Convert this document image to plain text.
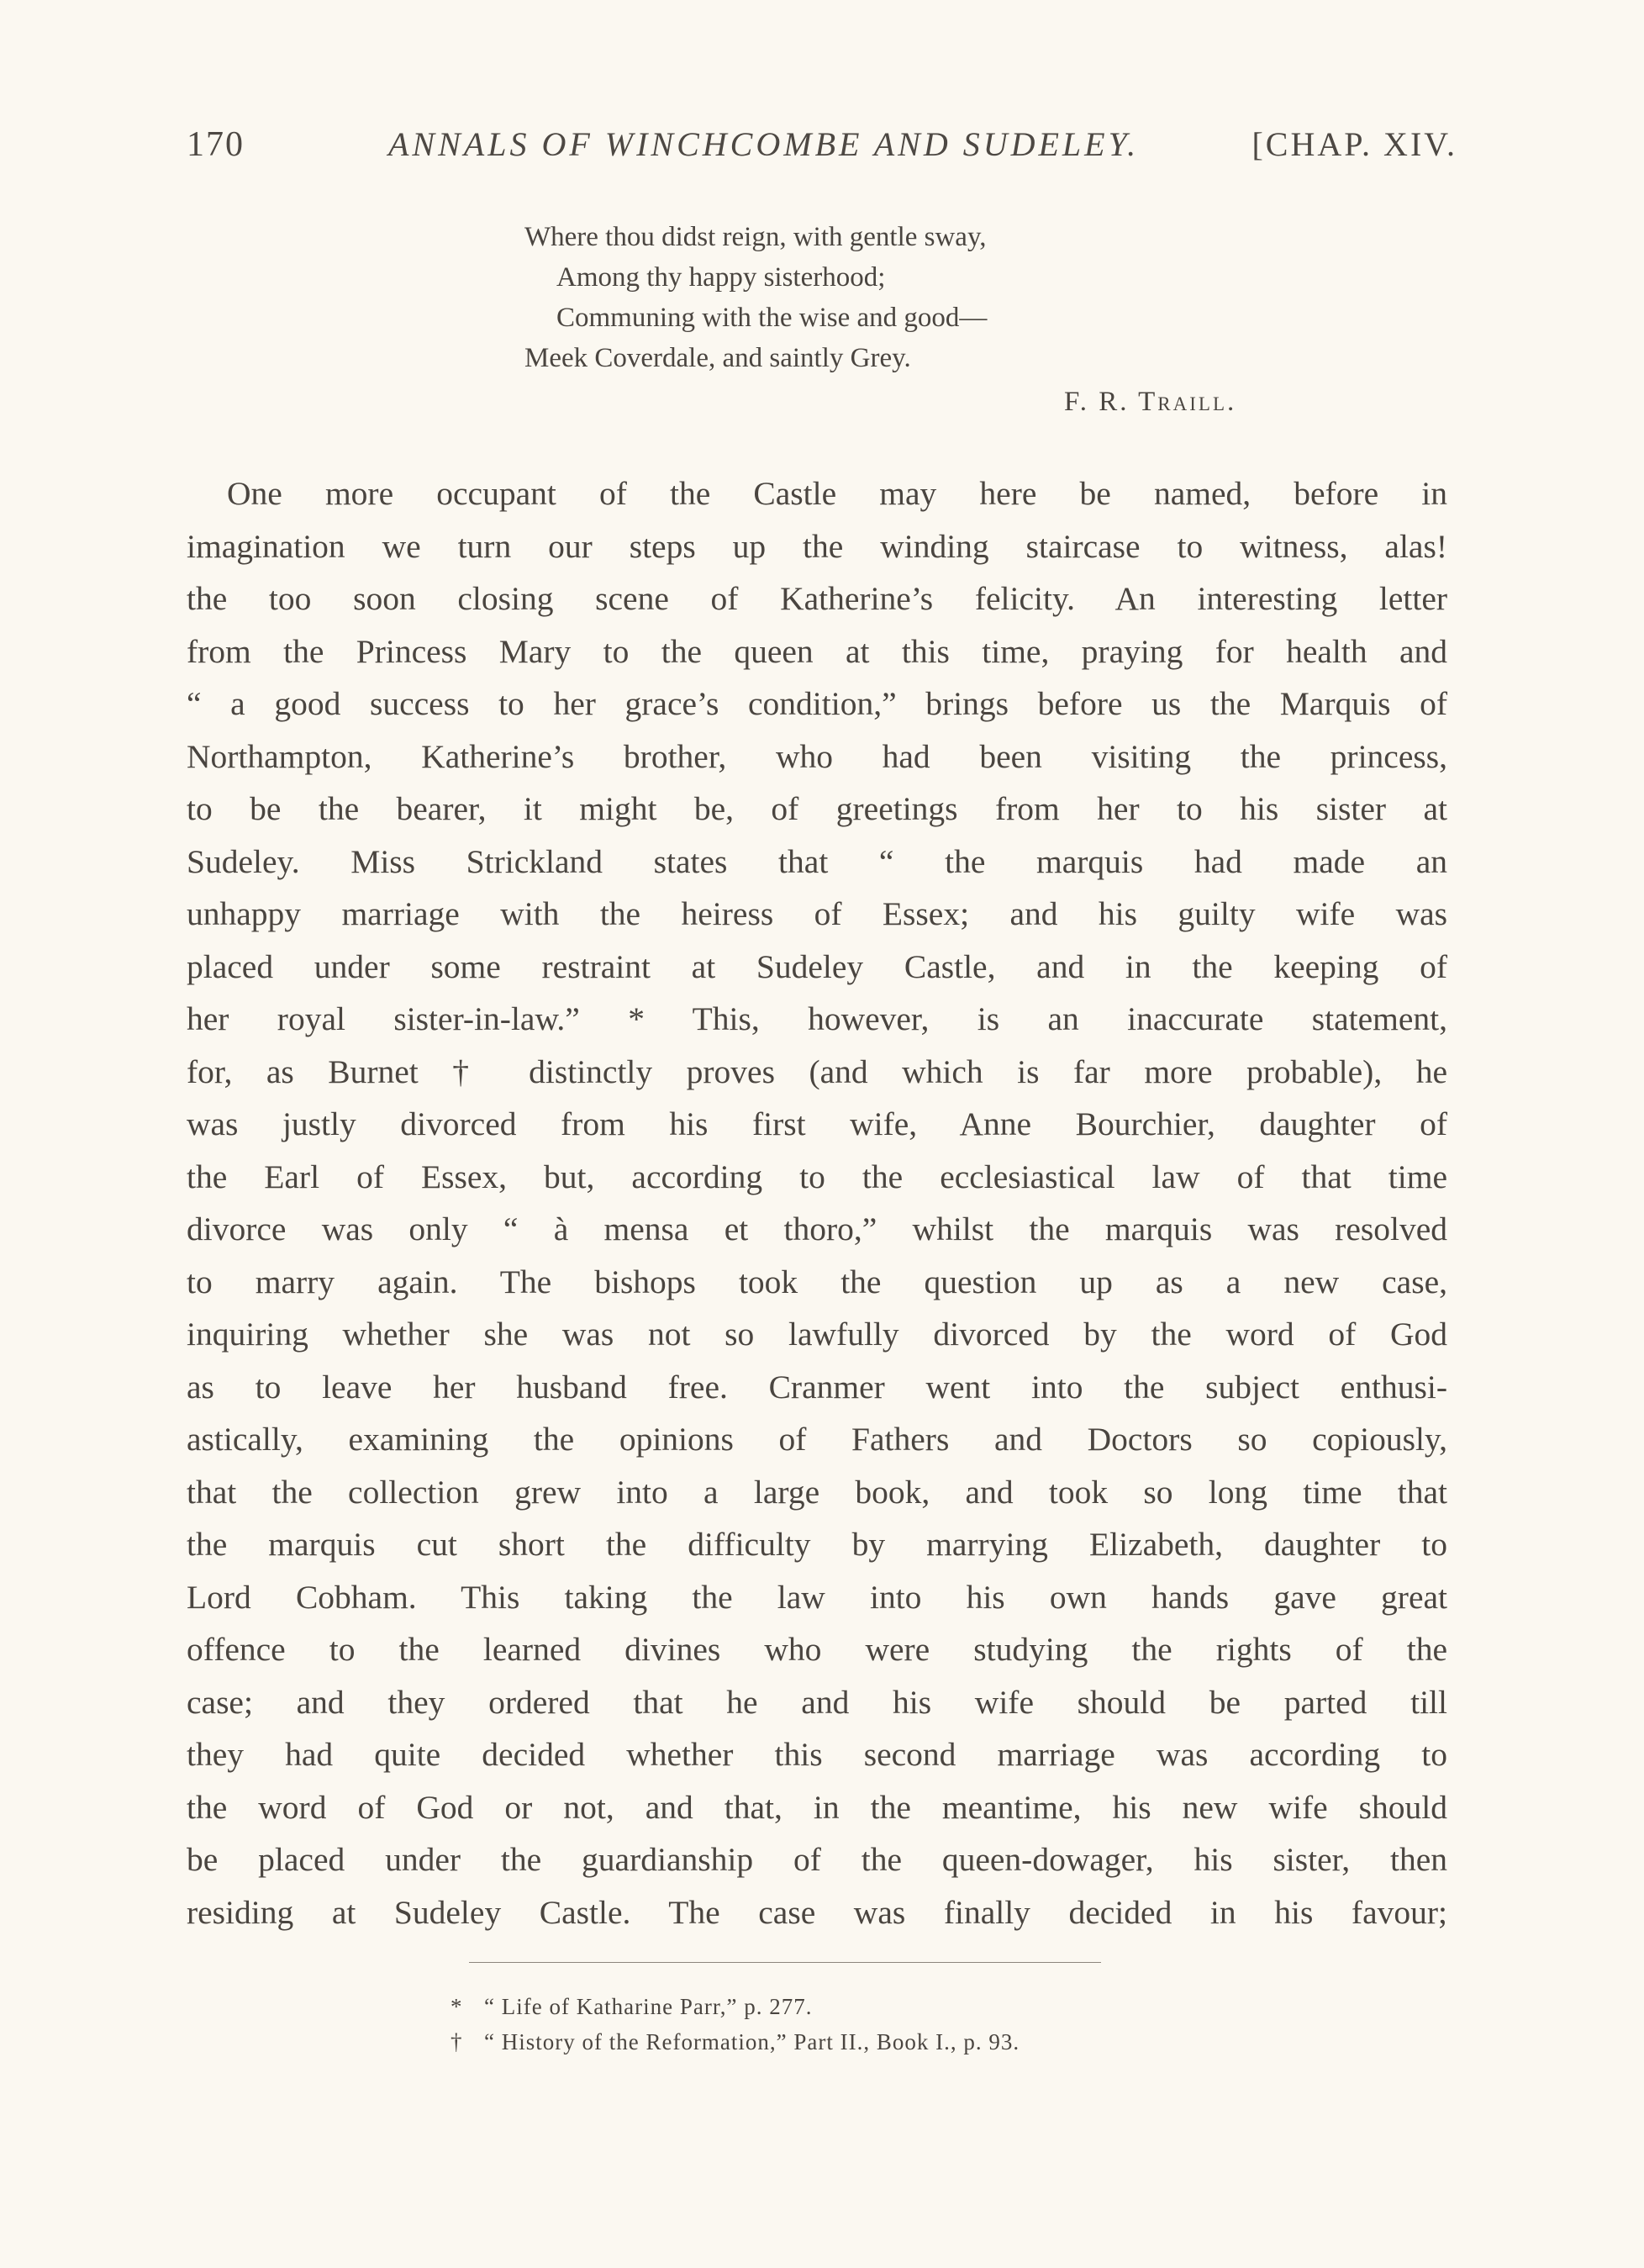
170	ANNALS OF WINCHCOMBE AND SUDELEY.	[CHAP. XIV.
Where thou didst reign, with gentle sway,
Among thy happy sisterhood;
Communing with the wise and good—
Meek Coverdale, and saintly Grey.
F. R. Traill.
One more occupant of the Castle may here be named, before in
imagination we turn our steps up the winding staircase to witness, alas!
the too soon closing scene of Katherine’s felicity. An interesting letter
from the Princess Mary to the queen at this time, praying for health and
“ a good success to her grace’s condition,” brings before us the Marquis of
Northampton, Katherine’s brother, who had been visiting the princess,
to be the bearer, it might be, of greetings from her to his sister at
Sudeley. Miss Strickland states that “ the marquis had made an
unhappy marriage with the heiress of Essex; and his guilty wife was
placed under some restraint at Sudeley Castle, and in the keeping of
her royal sister-in-law.” * This, however, is an inaccurate statement,
for, as Burnet † distinctly proves (and which is far more probable), he
was justly divorced from his first wife, Anne Bourchier, daughter of
the Earl of Essex, but, according to the ecclesiastical law of that time
divorce was only “ à mensa et thoro,” whilst the marquis was resolved
to marry again. The bishops took the question up as a new case,
inquiring whether she was not so lawfully divorced by the word of God
as to leave her husband free. Cranmer went into the subject enthusi-
astically, examining the opinions of Fathers and Doctors so copiously,
that the collection grew into a large book, and took so long time that
the marquis cut short the difficulty by marrying Elizabeth, daughter to
Lord Cobham. This taking the law into his own hands gave great
offence to the learned divines who were studying the rights of the
case; and they ordered that he and his wife should be parted till
they had quite decided whether this second marriage was according to
the word of God or not, and that, in the meantime, his new wife should
be placed under the guardianship of the queen-dowager, his sister, then
residing at Sudeley Castle. The case was finally decided in his favour;
* “ Life of Katharine Parr,” p. 277.
† “ History of the Reformation,” Part II., Book I., p. 93.
